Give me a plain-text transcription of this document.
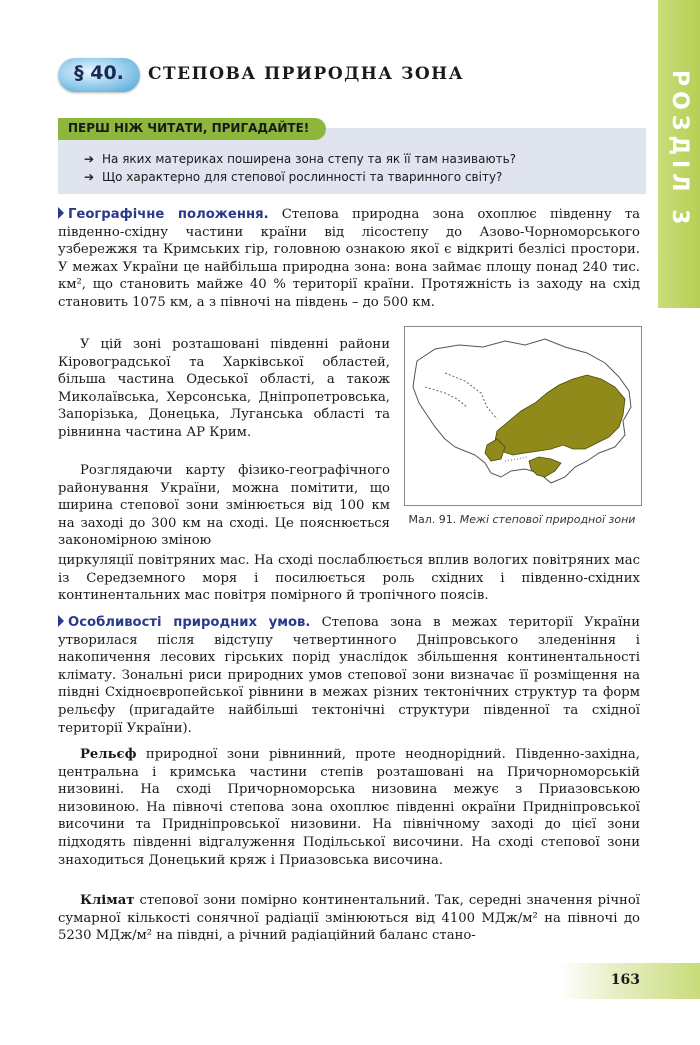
РОЗДІЛ 3
§ 40.	СТЕПОВА ПРИРОДНА ЗОНА
ПЕРШ НІЖ ЧИТАТИ, ПРИГАДАЙТЕ!
➔ На яких материках поширена зона степу та як її там називають?
➔ Що характерно для степової рослинності та тваринного світу?

Географічне положення. Степова природна зона охоплює південну та південно-східну частини країни від лісостепу до Азово-Чорноморського узбережжя та Кримських гір, головною ознакою якої є відкриті безлісі простори. У межах України це найбільша природна зона: вона займає площу понад 240 тис. км², що становить майже 40 % території країни. Протяжність із заходу на схід становить 1075 км, а з півночі на південь – до 500 км.

У цій зоні розташовані південні райони Кіровоградської та Харківської областей, більша частина Одеської області, а також Миколаївська, Херсонська, Дніпропетровська, Запорізька, Донецька, Луганська області та рівнинна частина АР Крим.

Розглядаючи карту фізико-географічного районування України, можна помітити, що ширина степової зони змінюється від 100 км на заході до 300 км на сході. Це пояснюється закономірною зміною

циркуляції повітряних мас. На сході послаблюється вплив вологих повітряних мас із Середземного моря і посилюється роль східних і південно-східних континентальних мас повітря помірного й тропічного поясів.

Мал. 91. Межі степової природної зони

Особливості природних умов. Степова зона в межах території України утворилася після відступу четвертинного Дніпровського зледеніння і накопичення лесових гірських порід унаслідок збільшення континентальності клімату. Зональні риси природних умов степової зони визначає її розміщення на півдні Східноєвропейської рівнини в межах різних тектонічних структур та форм рельєфу (пригадайте найбільші тектонічні структури південної та східної території України).

Рельєф природної зони рівнинний, проте неоднорідний. Південно-західна, центральна і кримська частини степів розташовані на Причорноморській низовині. На сході Причорноморська низовина межує з Приазовською низовиною. На півночі степова зона охоплює південні окраїни Придніпровської височини та Придніпровської низовини. На північному заході до цієї зони підходять південні відгалуження Подільської височини. На сході степової зони знаходиться Донецький кряж і Приазовська височина.

Клімат степової зони помірно континентальний. Так, середні значення річної сумарної кількості сонячної радіації змінюються від 4100 МДж/м² на півночі до 5230 МДж/м² на півдні, а річний радіаційний баланс стано-

163
